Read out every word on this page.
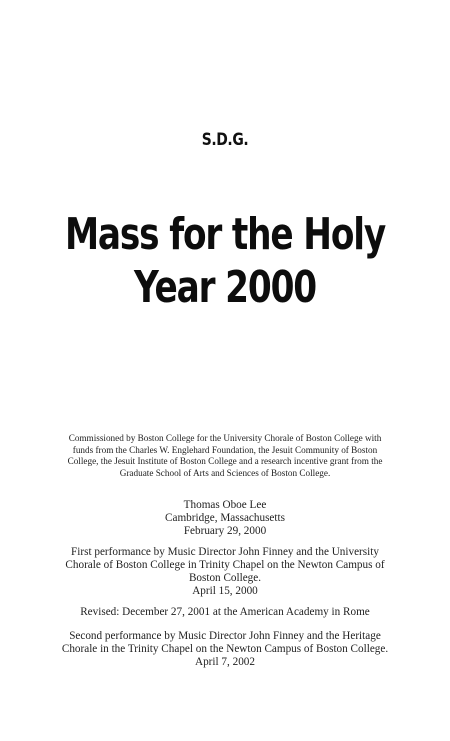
S.D.G.
Mass for the Holy
Year 2000
Commissioned by Boston College for the University Chorale of Boston College with funds from the Charles W. Englehard Foundation, the Jesuit Community of Boston College, the Jesuit Institute of Boston College and a research incentive grant from the Graduate School of Arts and Sciences of Boston College.
Thomas Oboe Lee
Cambridge, Massachusetts
February 29, 2000
First performance by Music Director John Finney and the University
Chorale of Boston College in Trinity Chapel on the Newton Campus of
Boston College.
April 15, 2000
Revised: December 27, 2001 at the American Academy in Rome
Second performance by Music Director John Finney and the Heritage
Chorale in the Trinity Chapel on the Newton Campus of Boston College.
April 7, 2002
